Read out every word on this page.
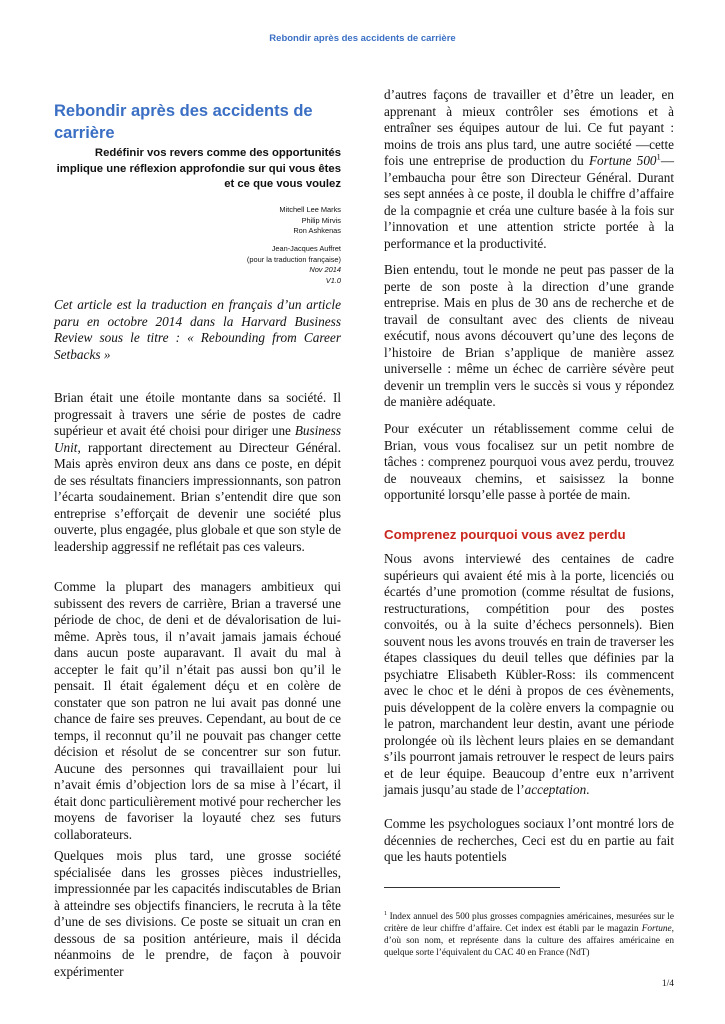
Rebondir après des accidents de carrière
Rebondir après des accidents de carrière

Redéfinir vos revers comme des opportunités implique une réflexion approfondie sur qui vous êtes et ce que vous voulez

Mitchell Lee Marks
Philip Mirvis
Ron Ashkenas
Jean-Jacques Auffret
(pour la traduction française)
Nov 2014
V1.0

Cet article est la traduction en français d’un article paru en octobre 2014 dans la Harvard Business Review sous le titre : « Rebounding from Career Setbacks »

Brian était une étoile montante dans sa société. Il progressait à travers une série de postes de cadre supérieur et avait été choisi pour diriger une Business Unit, rapportant directement au Directeur Général. Mais après environ deux ans dans ce poste, en dépit de ses résultats financiers impressionnants, son patron l’écarta soudainement. Brian s’entendit dire que son entreprise s’efforçait de devenir une société plus ouverte, plus engagée, plus globale et que son style de leadership aggressif ne reflétait pas ces valeurs.

Comme la plupart des managers ambitieux qui subissent des revers de carrière, Brian a traversé une période de choc, de deni et de dévalorisation de lui-même. Après tous, il n’avait jamais jamais échoué dans aucun poste auparavant. Il avait du mal à accepter le fait qu’il n’était pas aussi bon qu’il le pensait. Il était également déçu et en colère de constater que son patron ne lui avait pas donné une chance de faire ses preuves. Cependant, au bout de ce temps, il reconnut qu’il ne pouvait pas changer cette décision et résolut de se concentrer sur son futur. Aucune des personnes qui travaillaient pour lui n’avait émis d’objection lors de sa mise à l’écart, il était donc particulièrement motivé pour rechercher les moyens de favoriser la loyauté chez ses futurs collaborateurs.

Quelques mois plus tard, une grosse société spécialisée dans les grosses pièces industrielles, impressionnée par les capacités indiscutables de Brian à atteindre ses objectifs financiers, le recruta à la tête d’une de ses divisions. Ce poste se situait un cran en dessous de sa position antérieure, mais il décida néanmoins de le prendre, de façon à pouvoir expérimenter

d’autres façons de travailler et d’être un leader, en apprenant à mieux contrôler ses émotions et à entraîner ses équipes autour de lui. Ce fut payant : moins de trois ans plus tard, une autre société —cette fois une entreprise de production du Fortune $500^1—$ l’embaucha pour être son Directeur Général. Durant ses sept années à ce poste, il doubla le chiffre d’affaire de la compagnie et créa une culture basée à la fois sur l’innovation et une attention stricte portée à la performance et la productivité.

Bien entendu, tout le monde ne peut pas passer de la perte de son poste à la direction d’une grande entreprise. Mais en plus de 30 ans de recherche et de travail de consultant avec des clients de niveau exécutif, nous avons découvert qu’une des leçons de l’histoire de Brian s’applique de manière assez universelle : même un échec de carrière sévère peut devenir un tremplin vers le succès si vous y répondez de manière adéquate.

Pour exécuter un rétablissement comme celui de Brian, vous vous focalisez sur un petit nombre de tâches : comprenez pourquoi vous avez perdu, trouvez de nouveaux chemins, et saisissez la bonne opportunité lorsqu’elle passe à portée de main.

Comprenez pourquoi vous avez perdu

Nous avons interviewé des centaines de cadre supérieurs qui avaient été mis à la porte, licenciés ou écartés d’une promotion (comme résultat de fusions, restructurations, compétition pour des postes convoités, ou à la suite d’échecs personnels). Bien souvent nous les avons trouvés en train de traverser les étapes classiques du deuil telles que définies par la psychiatre Elisabeth Kübler-Ross: ils commencent avec le choc et le déni à propos de ces évènements, puis développent de la colère envers la compagnie ou le patron, marchandent leur destin, avant une période prolongée où ils lèchent leurs plaies en se demandant s’ils pourront jamais retrouver le respect de leurs pairs et de leur équipe. Beaucoup d’entre eux n’arrivent jamais jusqu’au stade de l’acceptation.

Comme les psychologues sociaux l’ont montré lors de décennies de recherches, Ceci est du en partie au fait que les hauts potentiels

$^1$ Index annuel des 500 plus grosses compagnies américaines, mesurées sur le critère de leur chiffre d’affaire. Cet index est établi par le magazin Fortune, d’où son nom, et représente dans la culture des affaires américaine en quelque sorte l’équivalent du CAC 40 en France (NdT)

1/4
